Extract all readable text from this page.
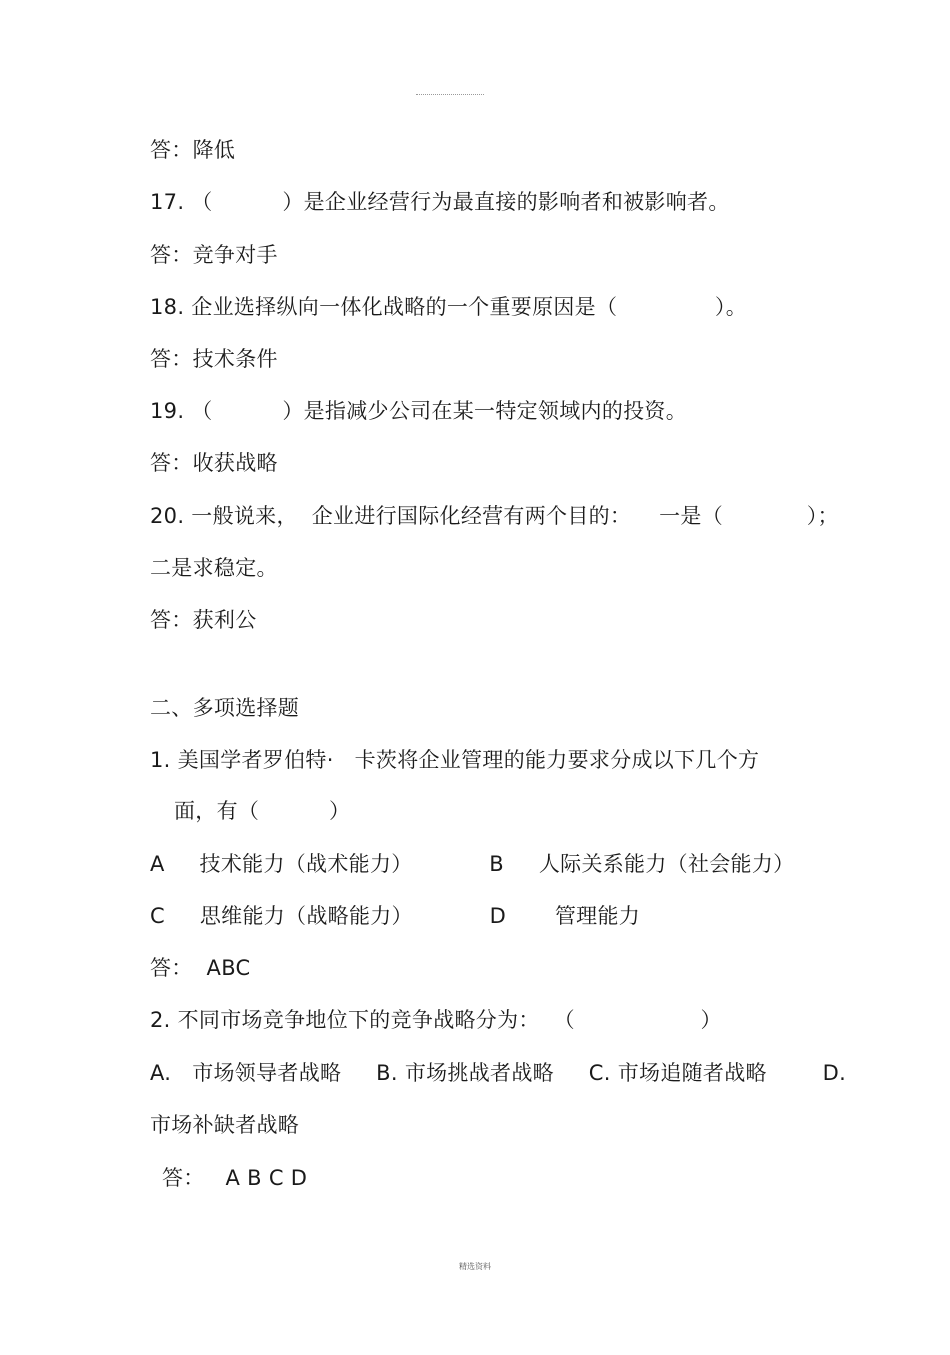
答：降低
17. （          ）是企业经营行为最直接的影响者和被影响者。
答：竞争对手
18. 企业选择纵向一体化战略的一个重要原因是（              ）。
答：技术条件
19. （          ）是指减少公司在某一特定领域内的投资。
答：收获战略
20. 一般说来，  企业进行国际化经营有两个目的：    一是（            ）；
二是求稳定。
答：获利公
二、多项选择题
1. 美国学者罗伯特·   卡茨将企业管理的能力要求分成以下几个方
面，有（          ）
A     技术能力（战术能力）           B     人际关系能力（社会能力）
C     思维能力（战略能力）           D       管理能力
答：  ABC
2. 不同市场竞争地位下的竞争战略分为：  （                  ）
A.   市场领导者战略     B. 市场挑战者战略     C. 市场追随者战略        D.
市场补缺者战略
答：   A B C D
精选资料
